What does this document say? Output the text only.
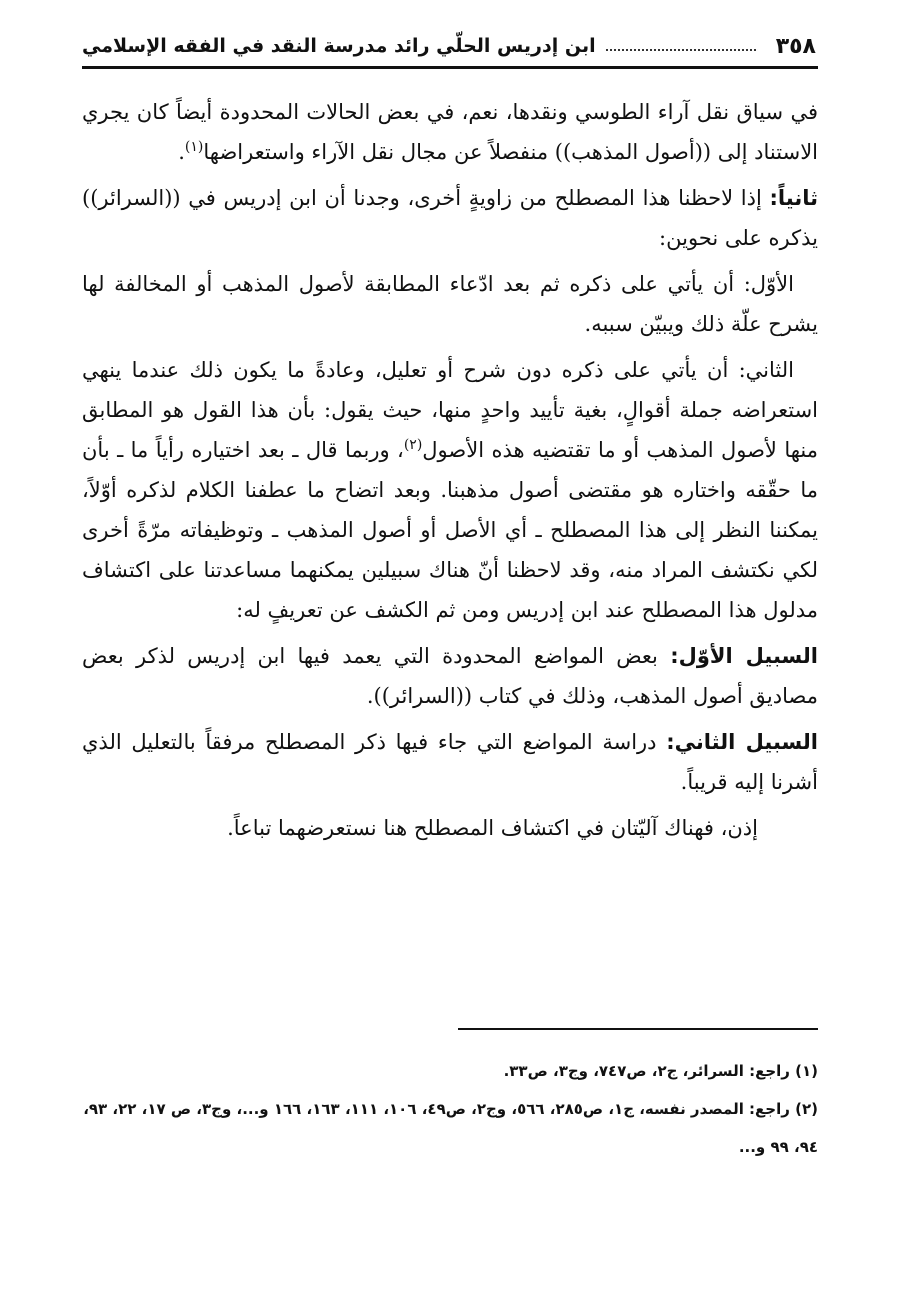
٣٥٨
ابن إدريس الحلّي رائد مدرسة النقد في الفقه الإسلامي

في سياق نقل آراء الطوسي ونقدها، نعم، في بعض الحالات المحدودة أيضاً كان يجري الاستناد إلى ((أصول المذهب)) منفصلاً عن مجال نقل الآراء واستعراضها$^{(١)}$.

ثانياً: إذا لاحظنا هذا المصطلح من زاويةٍ أخرى، وجدنا أن ابن إدريس في ((السرائر)) يذكره على نحوين:

الأوّل: أن يأتي على ذكره ثم بعد ادّعاء المطابقة لأصول المذهب أو المخالفة لها يشرح علّة ذلك ويبيّن سببه.

الثاني: أن يأتي على ذكره دون شرح أو تعليل، وعادةً ما يكون ذلك عندما ينهي استعراضه جملة أقوالٍ، بغية تأييد واحدٍ منها، حيث يقول: بأن هذا القول هو المطابق منها لأصول المذهب أو ما تقتضيه هذه الأصول$^{(٢)}$، وربما قال ـ بعد اختياره رأياً ما ـ بأن ما حقّقه واختاره هو مقتضى أصول مذهبنا. وبعد اتضاح ما عطفنا الكلام لذكره أوّلاً، يمكننا النظر إلى هذا المصطلح ـ أي الأصل أو أصول المذهب ـ وتوظيفاته مرّةً أخرى لكي نكتشف المراد منه، وقد لاحظنا أنّ هناك سبيلين يمكنهما مساعدتنا على اكتشاف مدلول هذا المصطلح عند ابن إدريس ومن ثم الكشف عن تعريفٍ له:

السبيل الأوّل: بعض المواضع المحدودة التي يعمد فيها ابن إدريس لذكر بعض مصاديق أصول المذهب، وذلك في كتاب ((السرائر)).

السبيل الثاني: دراسة المواضع التي جاء فيها ذكر المصطلح مرفقاً بالتعليل الذي أشرنا إليه قريباً.

إذن، فهناك آليّتان في اكتشاف المصطلح هنا نستعرضهما تباعاً.

(١) راجع: السرائر، ج٢، ص٧٤٧، وج٣، ص٣٣.

(٢) راجع: المصدر نفسه، ج١، ص٢٨٥، ٥٦٦، وج٢، ص٤٩، ١٠٦، ١١١، ١٦٣، ١٦٦ و...، وج٣، ص ١٧، ٢٢، ٩٣، ٩٤، ٩٩ و...
